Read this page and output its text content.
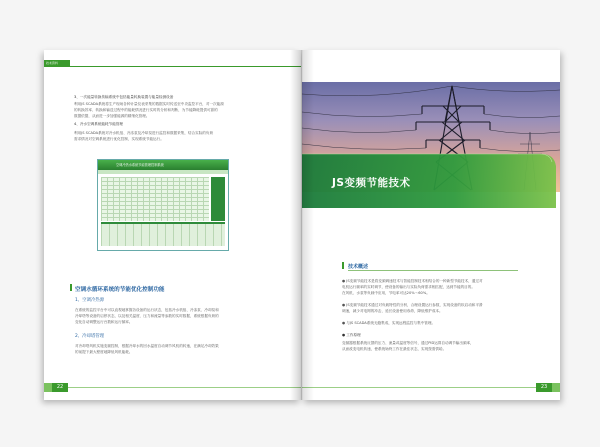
技术资料
3、一次能量转换传输系统中包括能量转换装置与能量检测设备
利用JS SCADA系统将生产现场各种计量仪表采集的数据实时传送至中央监控平台，对一次能源
的转换效率、转换和输送过程中的能耗情况进行实时的分析和判断，为节能降耗提供可靠的
数据依据，从而进一步加强能源的精细化管理。
4、冷水空调系统能耗节能管理
利用JS SCADA系统对冷水机组、冷冻泵及冷却泵进行监控和数据采集，结合实际的负荷
需求情况对空调系统进行优化控制，实现系统节能运行。
空调冷热水系统节能管理控制系统
空调水循环系统的节能优化控制功能
1、空调冷热源
在系统的监控平台中可以直观地掌握各设备的运行状态，包括冷水机组、冷冻泵、冷却泵和
冷却塔等设备的启停状态，以及相关温度、压力和流量等参数的实时数据，系统根据负荷的
变化自动调整运行台数和运行频率。
2、冷却塔管理
对冷却塔风机实施变频控制，根据冷却水的回水温度自动调节风机的转速，在满足冷却效果
的前提下最大程度地降低风机能耗。
22
JS变频节能技术
技术概述
● JS变频节能技术是将变频调速技术与智能控制技术相结合的一种新型节能技术，通过对
电机运行频率的实时调节，使设备的输出与实际负荷需求相匹配，达到节能的目的。
在风机、水泵等负载中应用，节电率可达20%～60%。
● JS变频节能技术通过对负载特性的分析，合理设置运行参数，实现设备的软启动和平滑
调速，减少对电网的冲击，延长设备使用寿命，降低维护成本。
● 与JS SCADA系统无缝集成，实现远程监控与集中管理。
● 工作原理
变频器根据系统反馈的压力、流量或温度等信号，通过PID运算自动调节输出频率，
从而改变电机转速，使系统始终工作在最佳状态，实现按需供给。
23
